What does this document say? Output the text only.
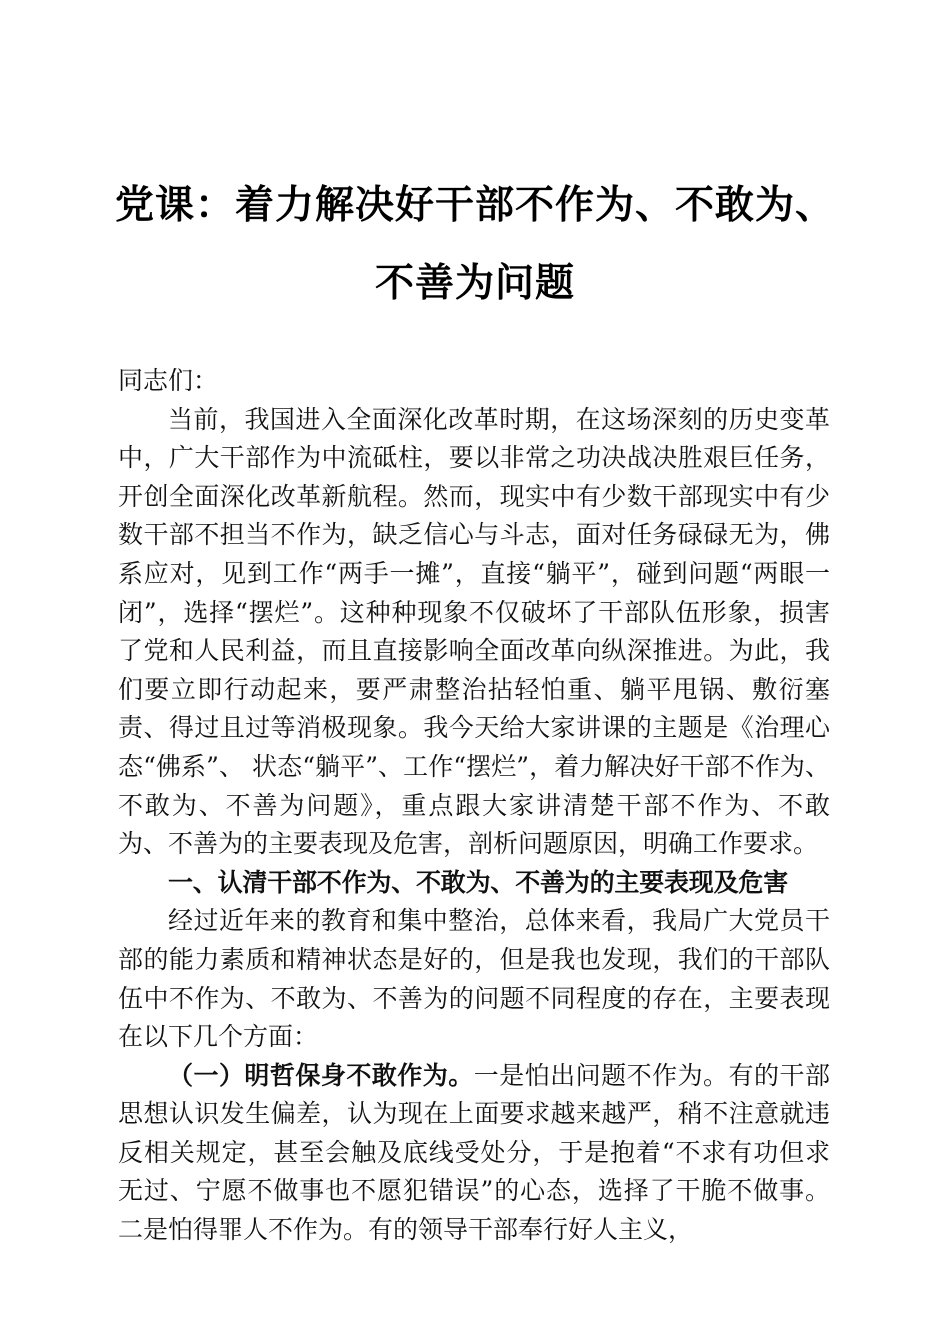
党课：着力解决好干部不作为、不敢为、不善为问题

同志们：

当前，我国进入全面深化改革时期，在这场深刻的历史变革中，广大干部作为中流砥柱，要以非常之功决战决胜艰巨任务，开创全面深化改革新航程。然而，现实中有少数干部现实中有少数干部不担当不作为，缺乏信心与斗志，面对任务碌碌无为，佛系应对，见到工作“两手一摊”，直接“躺平”，碰到问题“两眼一闭”，选择“摆烂”。这种种现象不仅破坏了干部队伍形象，损害了党和人民利益，而且直接影响全面改革向纵深推进。为此，我们要立即行动起来，要严肃整治拈轻怕重、躺平甩锅、敷衍塞责、得过且过等消极现象。我今天给大家讲课的主题是《治理心态“佛系”、 状态“躺平”、工作“摆烂”，着力解决好干部不作为、不敢为、不善为问题》，重点跟大家讲清楚干部不作为、不敢为、不善为的主要表现及危害，剖析问题原因，明确工作要求。

一、认清干部不作为、不敢为、不善为的主要表现及危害

经过近年来的教育和集中整治，总体来看，我局广大党员干部的能力素质和精神状态是好的，但是我也发现，我们的干部队伍中不作为、不敢为、不善为的问题不同程度的存在，主要表现在以下几个方面：

（一）明哲保身不敢作为。一是怕出问题不作为。有的干部思想认识发生偏差，认为现在上面要求越来越严，稍不注意就违反相关规定，甚至会触及底线受处分，于是抱着“不求有功但求无过、宁愿不做事也不愿犯错误”的心态，选择了干脆不做事。二是怕得罪人不作为。有的领导干部奉行好人主义，
